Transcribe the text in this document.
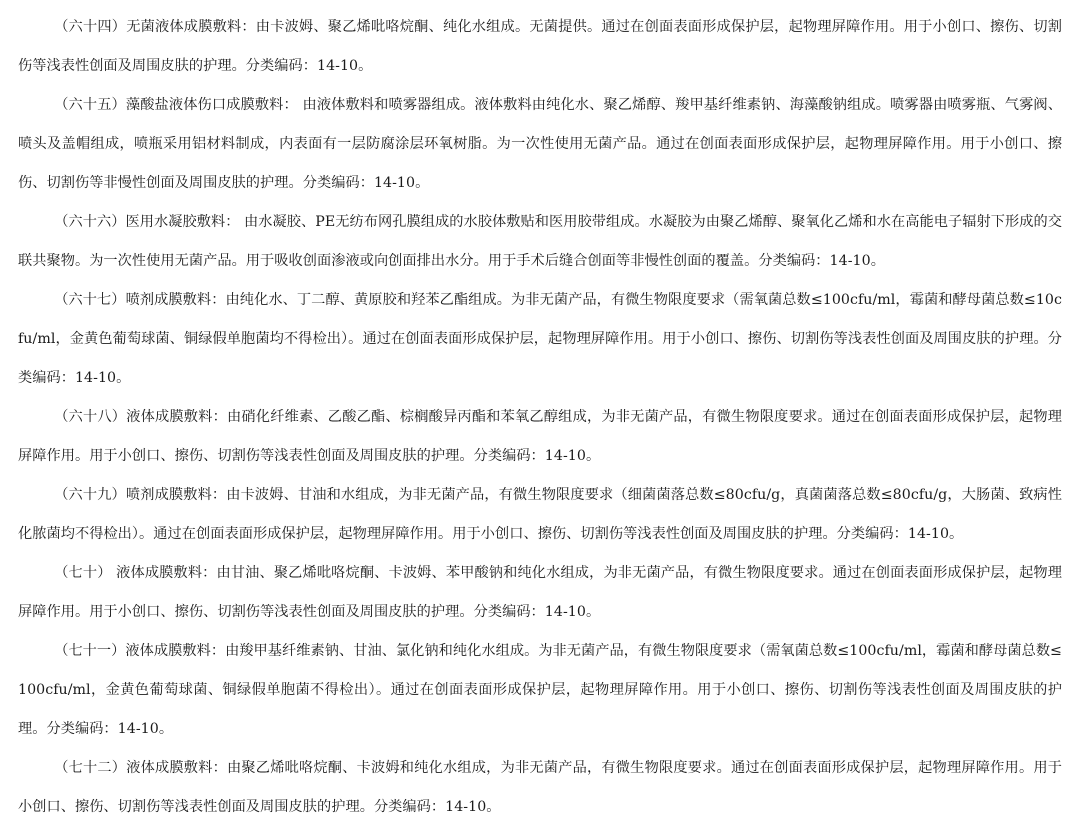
（六十四）无菌液体成膜敷料：由卡波姆、聚乙烯吡咯烷酮、纯化水组成。无菌提供。通过在创面表面形成保护层，起物理屏障作用。用于小创口、擦伤、切割伤等浅表性创面及周围皮肤的护理。分类编码：14-10。

（六十五）藻酸盐液体伤口成膜敷料： 由液体敷料和喷雾器组成。液体敷料由纯化水、聚乙烯醇、羧甲基纤维素钠、海藻酸钠组成。喷雾器由喷雾瓶、气雾阀、喷头及盖帽组成，喷瓶采用铝材料制成，内表面有一层防腐涂层环氧树脂。为一次性使用无菌产品。通过在创面表面形成保护层，起物理屏障作用。用于小创口、擦伤、切割伤等非慢性创面及周围皮肤的护理。分类编码：14-10。

（六十六）医用水凝胶敷料： 由水凝胶、PE无纺布网孔膜组成的水胶体敷贴和医用胶带组成。水凝胶为由聚乙烯醇、聚氧化乙烯和水在高能电子辐射下形成的交联共聚物。为一次性使用无菌产品。用于吸收创面渗液或向创面排出水分。用于手术后缝合创面等非慢性创面的覆盖。分类编码：14-10。

（六十七）喷剂成膜敷料：由纯化水、丁二醇、黄原胶和羟苯乙酯组成。为非无菌产品，有微生物限度要求（需氧菌总数≤100cfu/ml，霉菌和酵母菌总数≤10cfu/ml，金黄色葡萄球菌、铜绿假单胞菌均不得检出）。通过在创面表面形成保护层，起物理屏障作用。用于小创口、擦伤、切割伤等浅表性创面及周围皮肤的护理。分类编码：14-10。

（六十八）液体成膜敷料：由硝化纤维素、乙酸乙酯、棕榈酸异丙酯和苯氧乙醇组成，为非无菌产品，有微生物限度要求。通过在创面表面形成保护层，起物理屏障作用。用于小创口、擦伤、切割伤等浅表性创面及周围皮肤的护理。分类编码：14-10。

（六十九）喷剂成膜敷料：由卡波姆、甘油和水组成，为非无菌产品，有微生物限度要求（细菌菌落总数≤80cfu/g，真菌菌落总数≤80cfu/g，大肠菌、致病性化脓菌均不得检出）。通过在创面表面形成保护层，起物理屏障作用。用于小创口、擦伤、切割伤等浅表性创面及周围皮肤的护理。分类编码：14-10。

（七十） 液体成膜敷料：由甘油、聚乙烯吡咯烷酮、卡波姆、苯甲酸钠和纯化水组成，为非无菌产品，有微生物限度要求。通过在创面表面形成保护层，起物理屏障作用。用于小创口、擦伤、切割伤等浅表性创面及周围皮肤的护理。分类编码：14-10。

（七十一）液体成膜敷料：由羧甲基纤维素钠、甘油、氯化钠和纯化水组成。为非无菌产品，有微生物限度要求（需氧菌总数≤100cfu/ml，霉菌和酵母菌总数≤100cfu/ml，金黄色葡萄球菌、铜绿假单胞菌不得检出）。通过在创面表面形成保护层，起物理屏障作用。用于小创口、擦伤、切割伤等浅表性创面及周围皮肤的护理。分类编码：14-10。

（七十二）液体成膜敷料：由聚乙烯吡咯烷酮、卡波姆和纯化水组成，为非无菌产品，有微生物限度要求。通过在创面表面形成保护层，起物理屏障作用。用于小创口、擦伤、切割伤等浅表性创面及周围皮肤的护理。分类编码：14-10。
